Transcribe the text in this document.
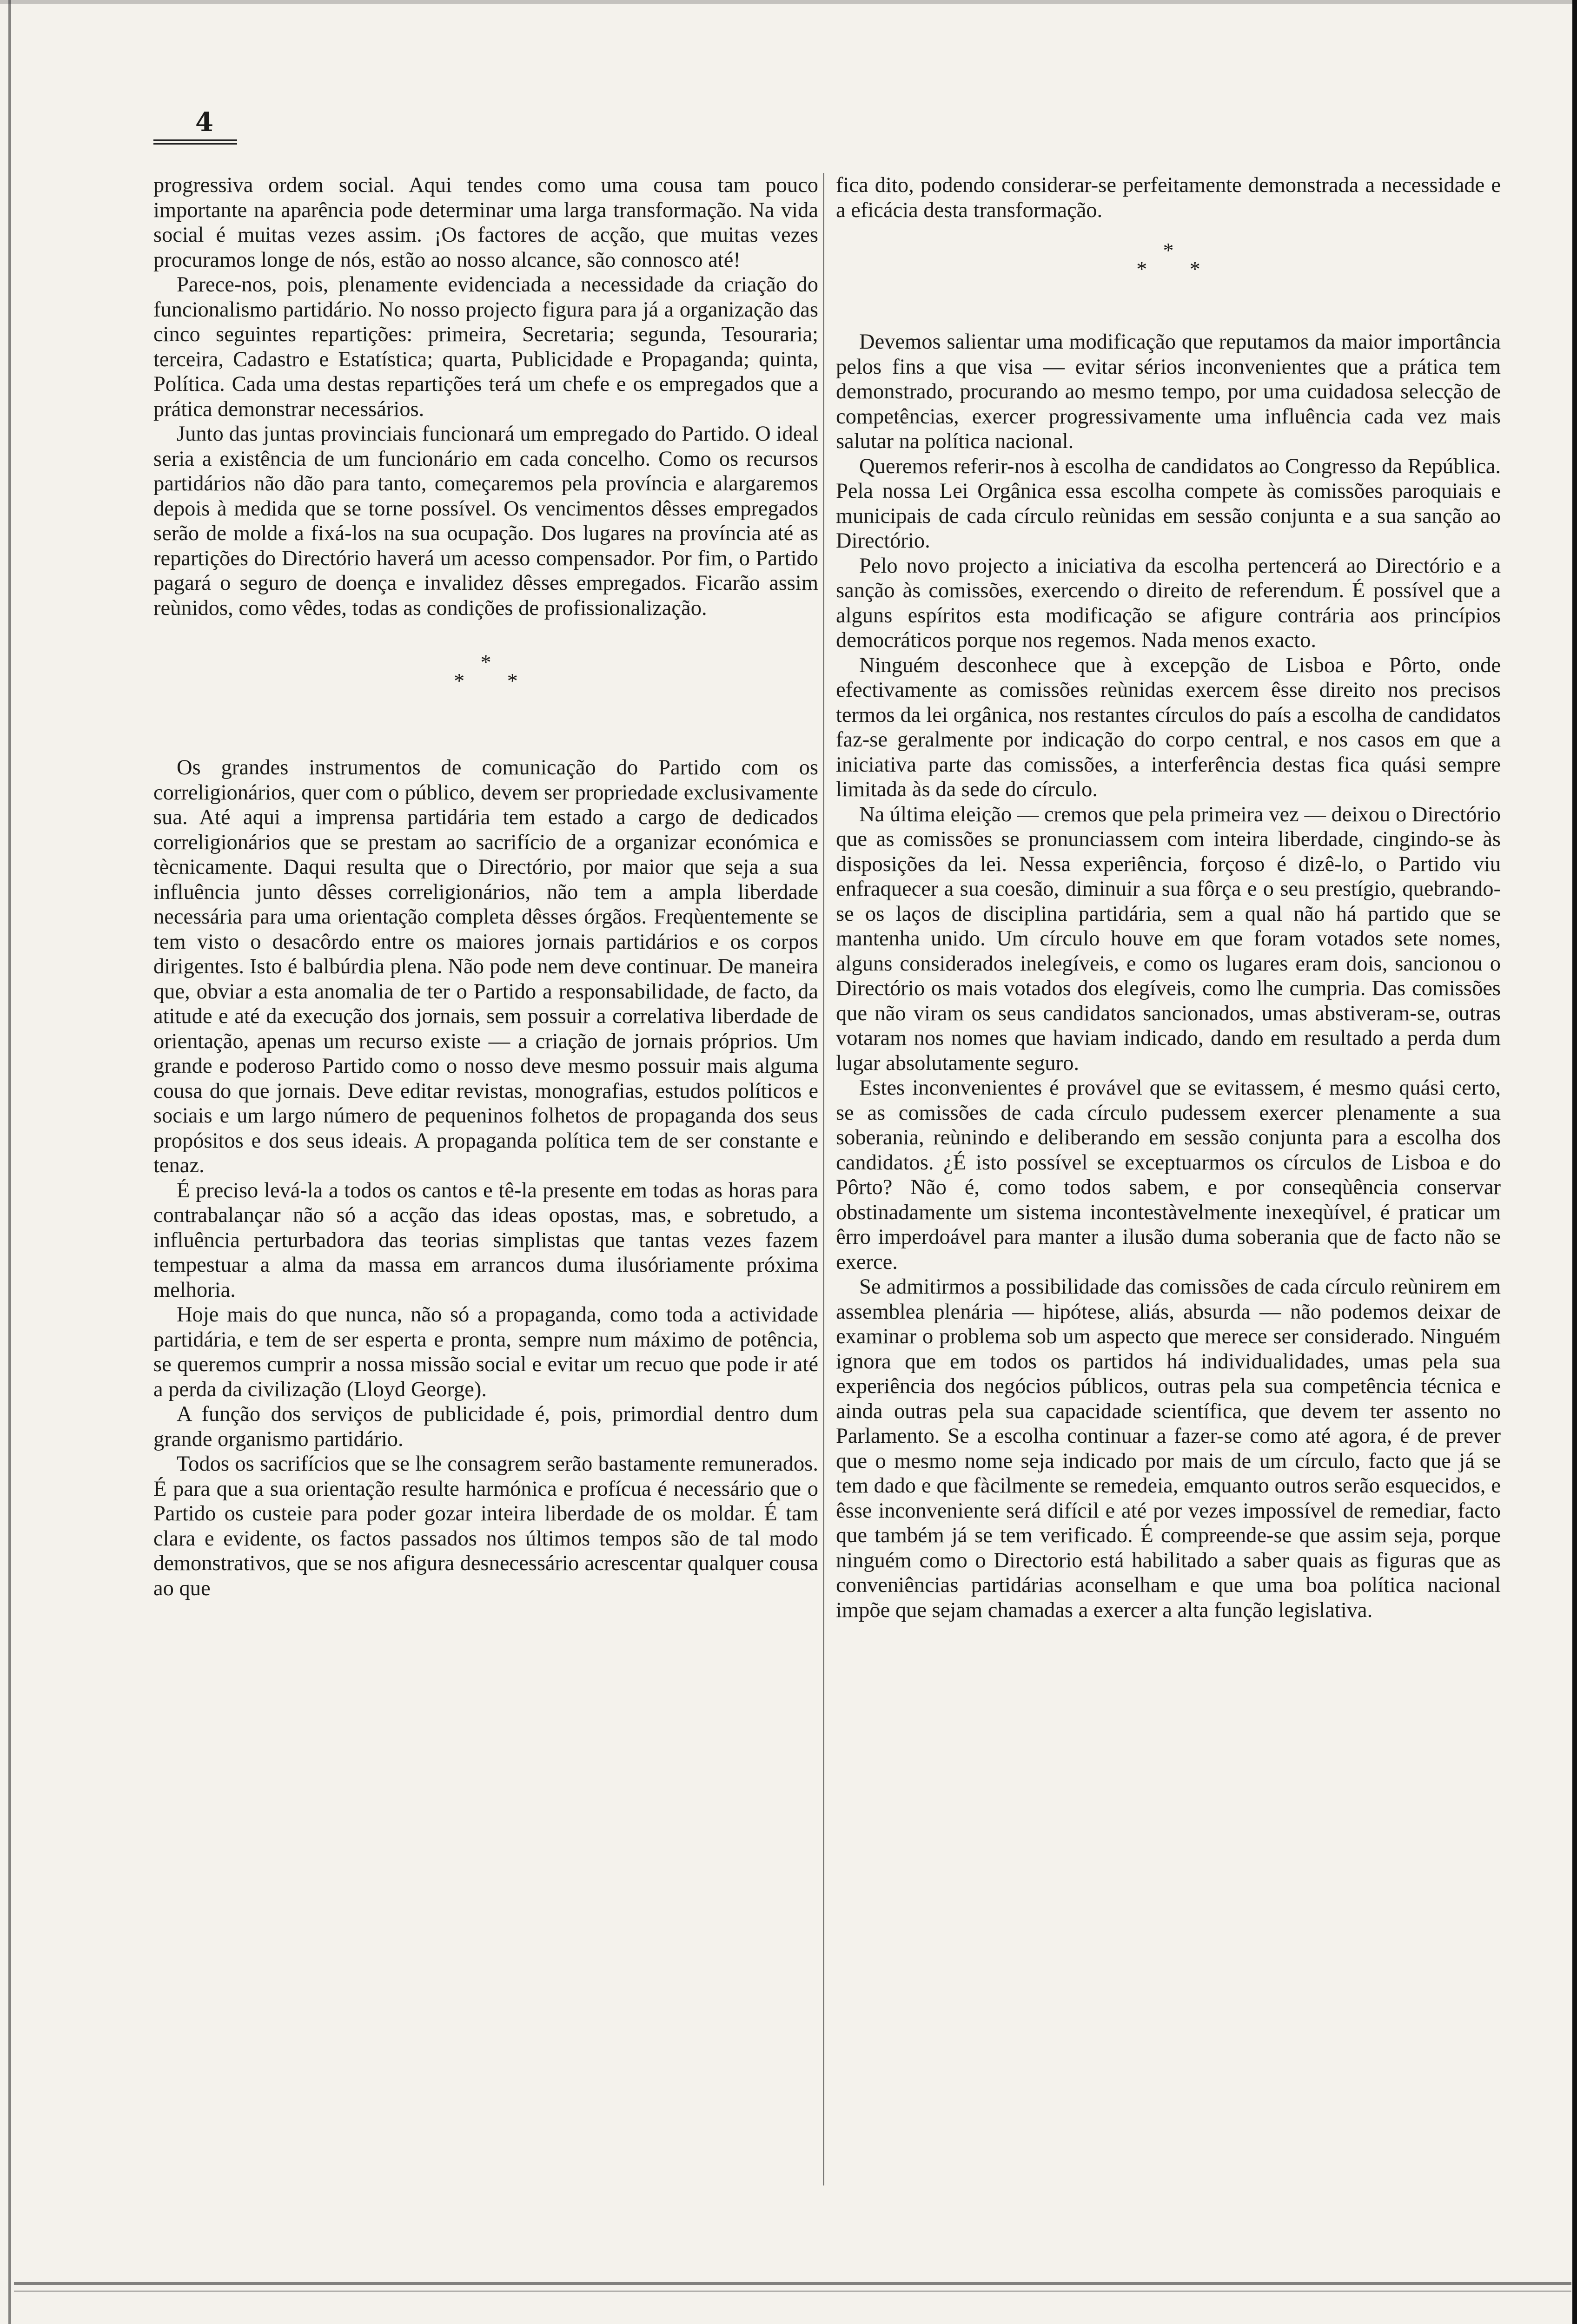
4

progressiva ordem social. Aqui tendes como uma cousa tam pouco importante na aparência pode determinar uma larga transformação. Na vida social é muitas vezes assim. ¡Os factores de acção, que muitas vezes procuramos longe de nós, estão ao nosso alcance, são connosco até!

Parece-nos, pois, plenamente evidenciada a necessidade da criação do funcionalismo partidário. No nosso projecto figura para já a organização das cinco seguintes repartições: primeira, Secretaria; segunda, Tesouraria; terceira, Cadastro e Estatística; quarta, Publicidade e Propaganda; quinta, Política. Cada uma destas repartições terá um chefe e os empregados que a prática demonstrar necessários.

Junto das juntas provinciais funcionará um empregado do Partido. O ideal seria a existência de um funcionário em cada concelho. Como os recursos partidários não dão para tanto, começaremos pela província e alargaremos depois à medida que se torne possível. Os vencimentos dêsses empregados serão de molde a fixá-los na sua ocupação. Dos lugares na província até as repartições do Directório haverá um acesso compensador. Por fim, o Partido pagará o seguro de doença e invalidez dêsses empregados. Ficarão assim reùnidos, como vêdes, todas as condições de profissionalização.

*
* *

Os grandes instrumentos de comunicação do Partido com os correligionários, quer com o público, devem ser propriedade exclusivamente sua. Até aqui a imprensa partidária tem estado a cargo de dedicados correligionários que se prestam ao sacrifício de a organizar económica e tècnicamente. Daqui resulta que o Directório, por maior que seja a sua influência junto dêsses correligionários, não tem a ampla liberdade necessária para uma orientação completa dêsses órgãos. Freqùentemente se tem visto o desacôrdo entre os maiores jornais partidários e os corpos dirigentes. Isto é balbúrdia plena. Não pode nem deve continuar. De maneira que, obviar a esta anomalia de ter o Partido a responsabilidade, de facto, da atitude e até da execução dos jornais, sem possuir a correlativa liberdade de orientação, apenas um recurso existe — a criação de jornais próprios. Um grande e poderoso Partido como o nosso deve mesmo possuir mais alguma cousa do que jornais. Deve editar revistas, monografias, estudos políticos e sociais e um largo número de pequeninos folhetos de propaganda dos seus propósitos e dos seus ideais. A propaganda política tem de ser constante e tenaz.

É preciso levá-la a todos os cantos e tê-la presente em todas as horas para contrabalançar não só a acção das ideas opostas, mas, e sobretudo, a influência perturbadora das teorias simplistas que tantas vezes fazem tempestuar a alma da massa em arrancos duma ilusóriamente próxima melhoria.

Hoje mais do que nunca, não só a propaganda, como toda a actividade partidária, e tem de ser esperta e pronta, sempre num máximo de potência, se queremos cumprir a nossa missão social e evitar um recuo que pode ir até a perda da civilização (Lloyd George).

A função dos serviços de publicidade é, pois, primordial dentro dum grande organismo partidário.

Todos os sacrifícios que se lhe consagrem serão bastamente remunerados. É para que a sua orientação resulte harmónica e profícua é necessário que o Partido os custeie para poder gozar inteira liberdade de os moldar. É tam clara e evidente, os factos passados nos últimos tempos são de tal modo demonstrativos, que se nos afigura desnecessário acrescentar qualquer cousa ao que

fica dito, podendo considerar-se perfeitamente demonstrada a necessidade e a eficácia desta transformação.

*
* *

Devemos salientar uma modificação que reputamos da maior importância pelos fins a que visa — evitar sérios inconvenientes que a prática tem demonstrado, procurando ao mesmo tempo, por uma cuidadosa selecção de competências, exercer progressivamente uma influência cada vez mais salutar na política nacional.

Queremos referir-nos à escolha de candidatos ao Congresso da República. Pela nossa Lei Orgânica essa escolha compete às comissões paroquiais e municipais de cada círculo reùnidas em sessão conjunta e a sua sanção ao Directório.

Pelo novo projecto a iniciativa da escolha pertencerá ao Directório e a sanção às comissões, exercendo o direito de referendum. É possível que a alguns espíritos esta modificação se afigure contrária aos princípios democráticos porque nos regemos. Nada menos exacto.

Ninguém desconhece que à excepção de Lisboa e Pôrto, onde efectivamente as comissões reùnidas exercem êsse direito nos precisos termos da lei orgânica, nos restantes círculos do país a escolha de candidatos faz-se geralmente por indicação do corpo central, e nos casos em que a iniciativa parte das comissões, a interferência destas fica quási sempre limitada às da sede do círculo.

Na última eleição — cremos que pela primeira vez — deixou o Directório que as comissões se pronunciassem com inteira liberdade, cingindo-se às disposições da lei. Nessa experiência, forçoso é dizê-lo, o Partido viu enfraquecer a sua coesão, diminuir a sua fôrça e o seu prestígio, quebrando-se os laços de disciplina partidária, sem a qual não há partido que se mantenha unido. Um círculo houve em que foram votados sete nomes, alguns considerados inelegíveis, e como os lugares eram dois, sancionou o Directório os mais votados dos elegíveis, como lhe cumpria. Das comissões que não viram os seus candidatos sancionados, umas abstiveram-se, outras votaram nos nomes que haviam indicado, dando em resultado a perda dum lugar absolutamente seguro.

Estes inconvenientes é provável que se evitassem, é mesmo quási certo, se as comissões de cada círculo pudessem exercer plenamente a sua soberania, reùnindo e deliberando em sessão conjunta para a escolha dos candidatos. ¿É isto possível se exceptuarmos os círculos de Lisboa e do Pôrto? Não é, como todos sabem, e por conseqùência conservar obstinadamente um sistema incontestàvelmente inexeqùível, é praticar um êrro imperdoável para manter a ilusão duma soberania que de facto não se exerce.

Se admitirmos a possibilidade das comissões de cada círculo reùnirem em assemblea plenária — hipótese, aliás, absurda — não podemos deixar de examinar o problema sob um aspecto que merece ser considerado. Ninguém ignora que em todos os partidos há individualidades, umas pela sua experiência dos negócios públicos, outras pela sua competência técnica e ainda outras pela sua capacidade scientífica, que devem ter assento no Parlamento. Se a escolha continuar a fazer-se como até agora, é de prever que o mesmo nome seja indicado por mais de um círculo, facto que já se tem dado e que fàcilmente se remedeia, emquanto outros serão esquecidos, e êsse inconveniente será difícil e até por vezes impossível de remediar, facto que também já se tem verificado. É compreende-se que assim seja, porque ninguém como o Directorio está habilitado a saber quais as figuras que as conveniências partidárias aconselham e que uma boa política nacional impõe que sejam chamadas a exercer a alta função legislativa.
